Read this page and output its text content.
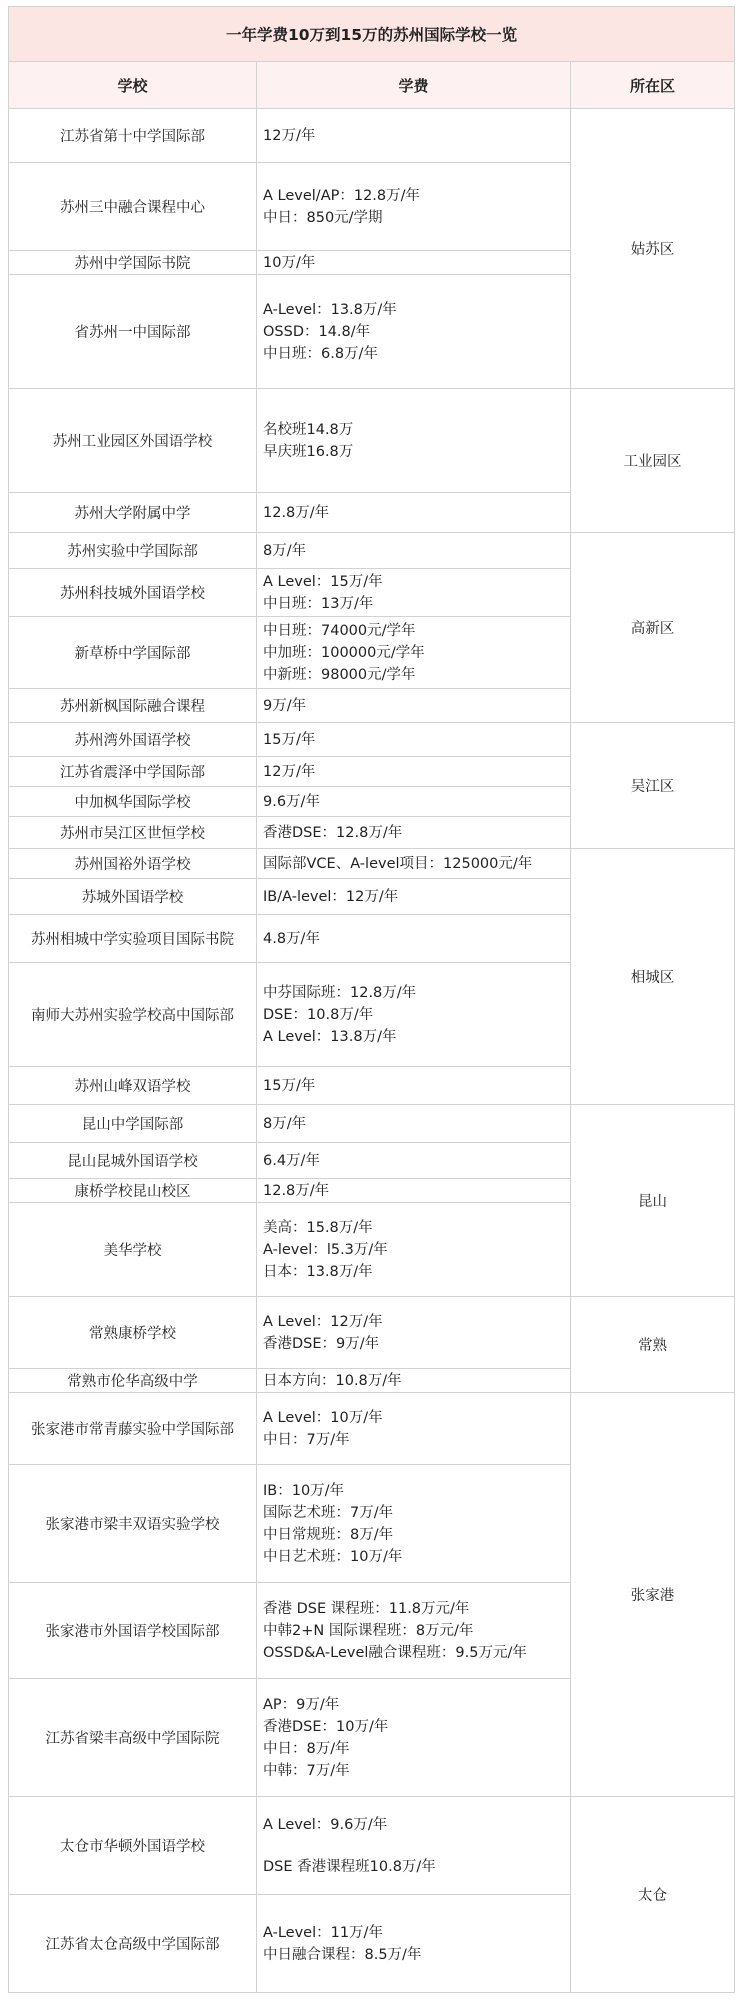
一年学费10万到15万的苏州国际学校一览		
学校	学费	所在区
江苏省第十中学国际部	12万/年	姑苏区
苏州三中融合课程中心	A Level/AP：12.8万/年
中日：850元/学期	

苏州中学国际书院	10万/年	

省苏州一中国际部	A-Level：13.8万/年
OSSD：14.8/年
中日班：6.8万/年	

苏州工业园区外国语学校	名校班14.8万
早庆班16.8万	工业园区
苏州大学附属中学	12.8万/年	

苏州实验中学国际部	8万/年	高新区
苏州科技城外国语学校	A Level：15万/年
中日班：13万/年	

新草桥中学国际部	中日班：74000元/学年
中加班：100000元/学年
中新班：98000元/学年	

苏州新枫国际融合课程	9万/年	

苏州湾外国语学校	15万/年	吴江区
江苏省震泽中学国际部	12万/年	

中加枫华国际学校	9.6万/年	

苏州市吴江区世恒学校	香港DSE：12.8万/年	

苏州国裕外语学校	国际部VCE、A-level项目：125000元/年	相城区
苏城外国语学校	IB/A-level：12万/年	

苏州相城中学实验项目国际书院	4.8万/年	

南师大苏州实验学校高中国际部	中芬国际班：12.8万/年
DSE：10.8万/年
A Level：13.8万/年	

苏州山峰双语学校	15万/年	

昆山中学国际部	8万/年	昆山
昆山昆城外国语学校	6.4万/年	

康桥学校昆山校区	12.8万/年	

美华学校	美高：15.8万/年
A-level：l5.3万/年
日本：13.8万/年	

常熟康桥学校	A Level：12万/年
香港DSE：9万/年	常熟
常熟市伦华高级中学	日本方向：10.8万/年	

张家港市常青藤实验中学国际部	A Level：10万/年
中日：7万/年	张家港
张家港市梁丰双语实验学校	IB：10万/年
国际艺术班：7万/年
中日常规班：8万/年
中日艺术班：10万/年	

张家港市外国语学校国际部	香港 DSE 课程班：11.8万元/年
中韩2+N 国际课程班：8万元/年
OSSD&A-Level融合课程班：9.5万元/年	

江苏省梁丰高级中学国际院	AP：9万/年
香港DSE：10万/年
中日：8万/年
中韩：7万/年	

太仓市华顿外国语学校	A Level：9.6万/年
DSE 香港课程班10.8万/年	太仓
江苏省太仓高级中学国际部	A-Level：11万/年
中日融合课程：8.5万/年	
